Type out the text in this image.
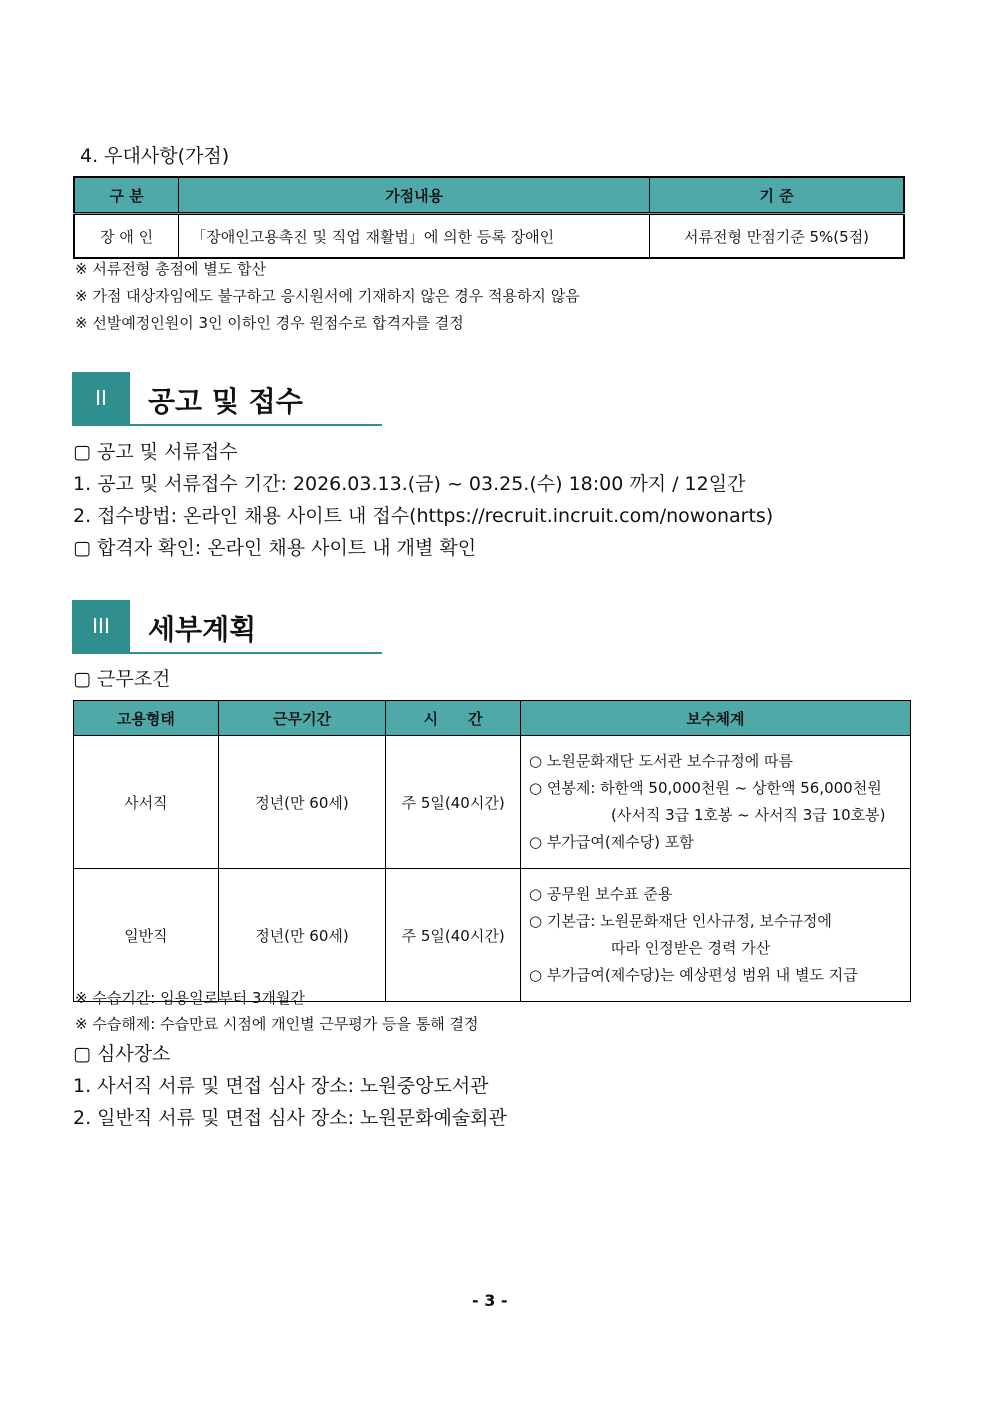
4. 우대사항(가점)
구 분	가점내용	기 준
장 애 인	「장애인고용촉진 및 직업 재활법」에 의한 등록 장애인	서류전형 만점기준 5%(5점)
※ 서류전형 총점에 별도 합산
※ 가점 대상자임에도 불구하고 응시원서에 기재하지 않은 경우 적용하지 않음
※ 선발예정인원이 3인 이하인 경우 원점수로 합격자를 결정
II	공고 및 접수
▢ 공고 및 서류접수
1. 공고 및 서류접수 기간: 2026.03.13.(금) ~ 03.25.(수) 18:00 까지 / 12일간
2. 접수방법: 온라인 채용 사이트 내 접수(https://recruit.incruit.com/nowonarts)
▢ 합격자 확인: 온라인 채용 사이트 내 개별 확인
III	세부계획
▢ 근무조건
고용형태	근무기간	시　　간	보수체계
사서직	정년(만 60세)	주 5일(40시간)	○ 노원문화재단 도서관 보수규정에 따름
○ 연봉제: 하한액 50,000천원 ~ 상한액 56,000천원
(사서직 3급 1호봉 ~ 사서직 3급 10호봉)
○ 부가급여(제수당) 포함

일반직	정년(만 60세)	주 5일(40시간)	○ 공무원 보수표 준용
○ 기본급: 노원문화재단 인사규정, 보수규정에
따라 인정받은 경력 가산
○ 부가급여(제수당)는 예상편성 범위 내 별도 지급
※ 수습기간: 임용일로부터 3개월간
※ 수습해제: 수습만료 시점에 개인별 근무평가 등을 통해 결정
▢ 심사장소
1. 사서직 서류 및 면접 심사 장소: 노원중앙도서관
2. 일반직 서류 및 면접 심사 장소: 노원문화예술회관
- 3 -
